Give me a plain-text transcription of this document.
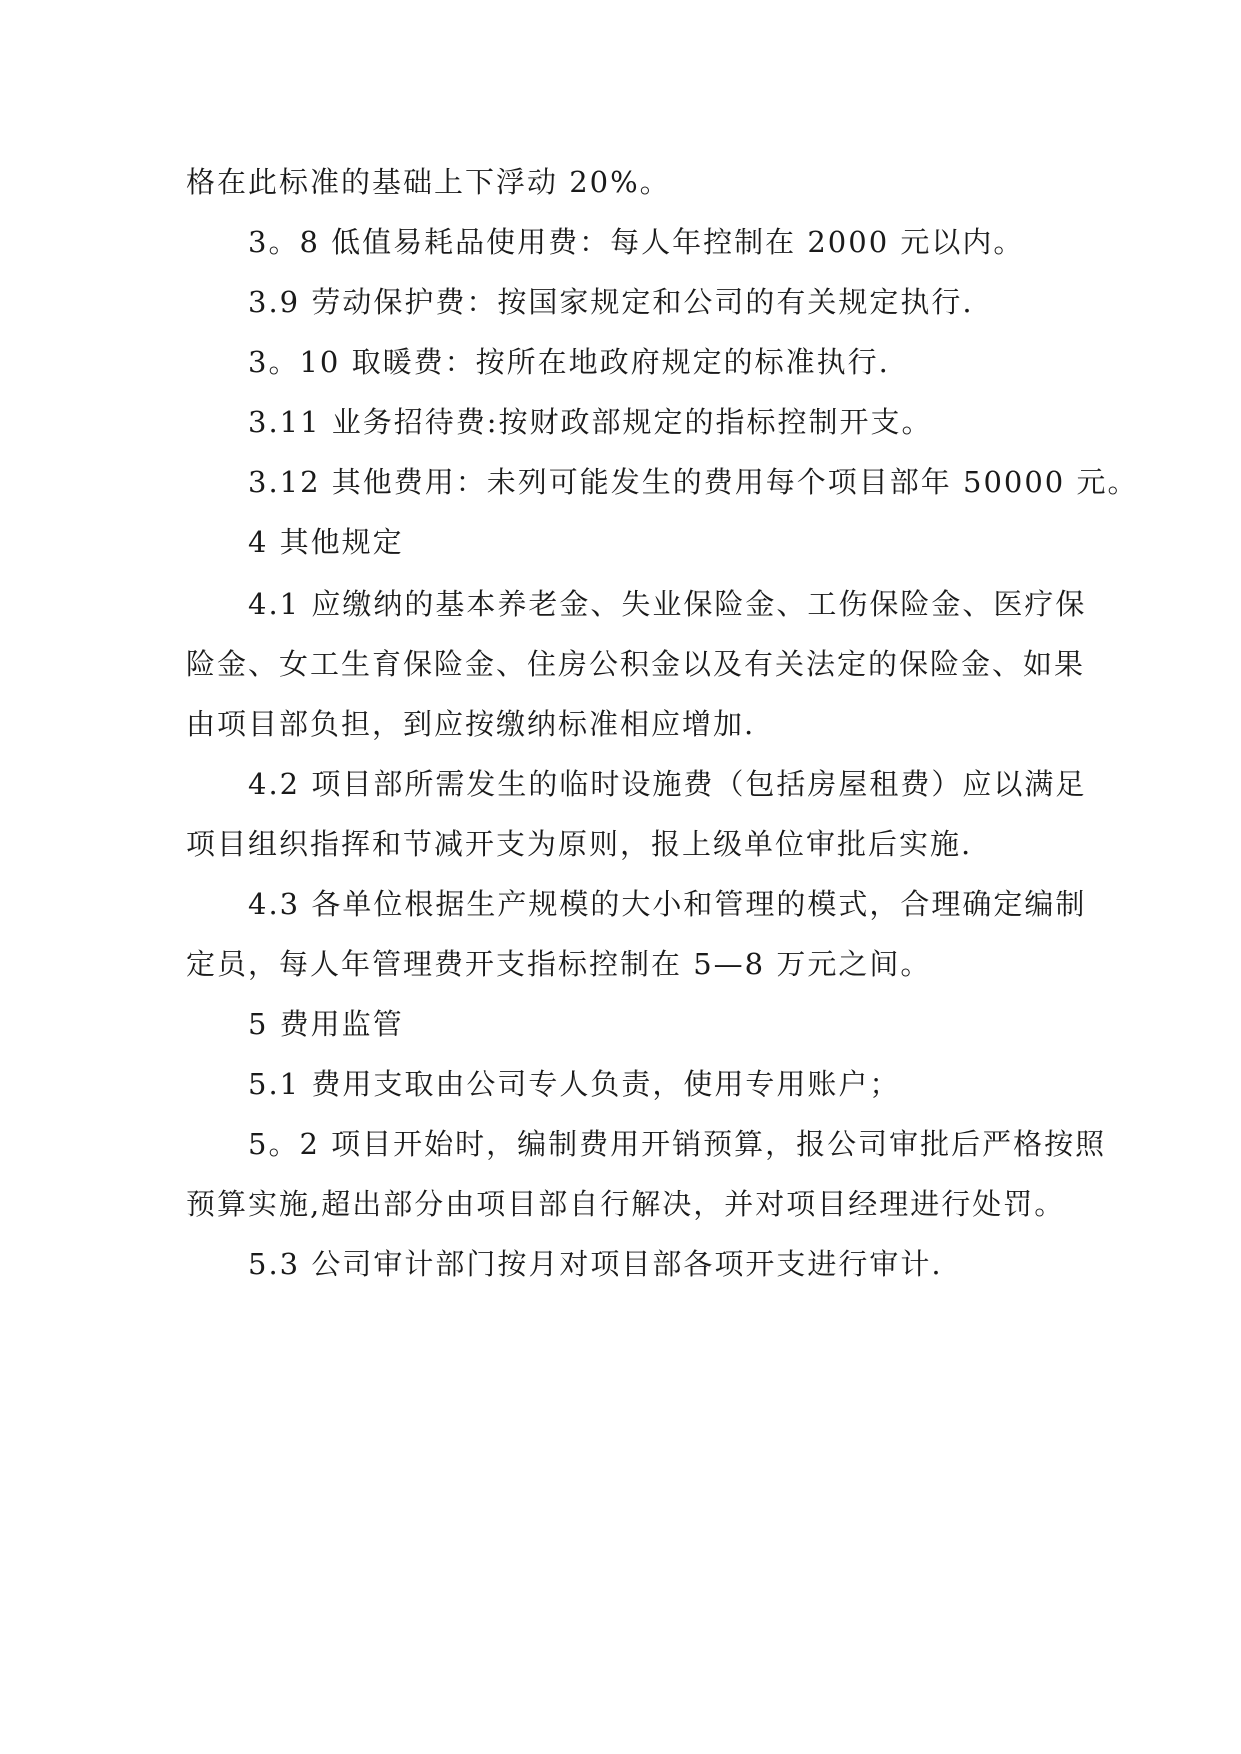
格在此标准的基础上下浮动 20%。

3。8 低值易耗品使用费：每人年控制在 2000 元以内。

3.9 劳动保护费：按国家规定和公司的有关规定执行.

3。10 取暖费：按所在地政府规定的标准执行.

3.11 业务招待费:按财政部规定的指标控制开支。

3.12 其他费用：未列可能发生的费用每个项目部年 50000 元。

4 其他规定

4.1 应缴纳的基本养老金、失业保险金、工伤保险金、医疗保

险金、女工生育保险金、住房公积金以及有关法定的保险金、如果

由项目部负担，到应按缴纳标准相应增加.

4.2 项目部所需发生的临时设施费（包括房屋租费）应以满足

项目组织指挥和节减开支为原则，报上级单位审批后实施.

4.3 各单位根据生产规模的大小和管理的模式，合理确定编制

定员，每人年管理费开支指标控制在 5—8 万元之间。

5 费用监管

5.1 费用支取由公司专人负责，使用专用账户；

5。2 项目开始时，编制费用开销预算，报公司审批后严格按照

预算实施,超出部分由项目部自行解决，并对项目经理进行处罚。

5.3 公司审计部门按月对项目部各项开支进行审计.
